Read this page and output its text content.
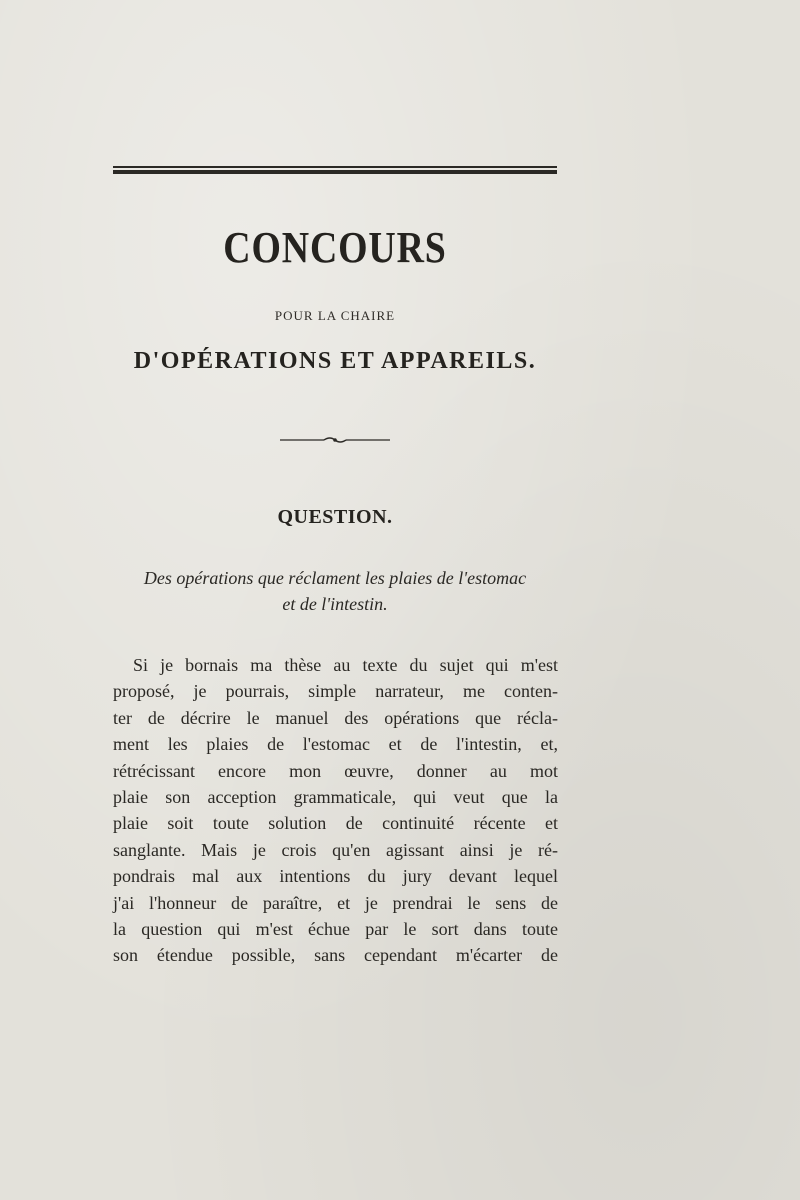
CONCOURS
POUR LA CHAIRE
D'OPÉRATIONS ET APPAREILS.
QUESTION.
Des opérations que réclament les plaies de l'estomac
et de l'intestin.
Si je bornais ma thèse au texte du sujet qui m'est
proposé, je pourrais, simple narrateur, me conten-
ter de décrire le manuel des opérations que récla-
ment les plaies de l'estomac et de l'intestin, et,
rétrécissant encore mon œuvre, donner au mot
plaie son acception grammaticale, qui veut que la
plaie soit toute solution de continuité récente et
sanglante. Mais je crois qu'en agissant ainsi je ré-
pondrais mal aux intentions du jury devant lequel
j'ai l'honneur de paraître, et je prendrai le sens de
la question qui m'est échue par le sort dans toute
son étendue possible, sans cependant m'écarter de
